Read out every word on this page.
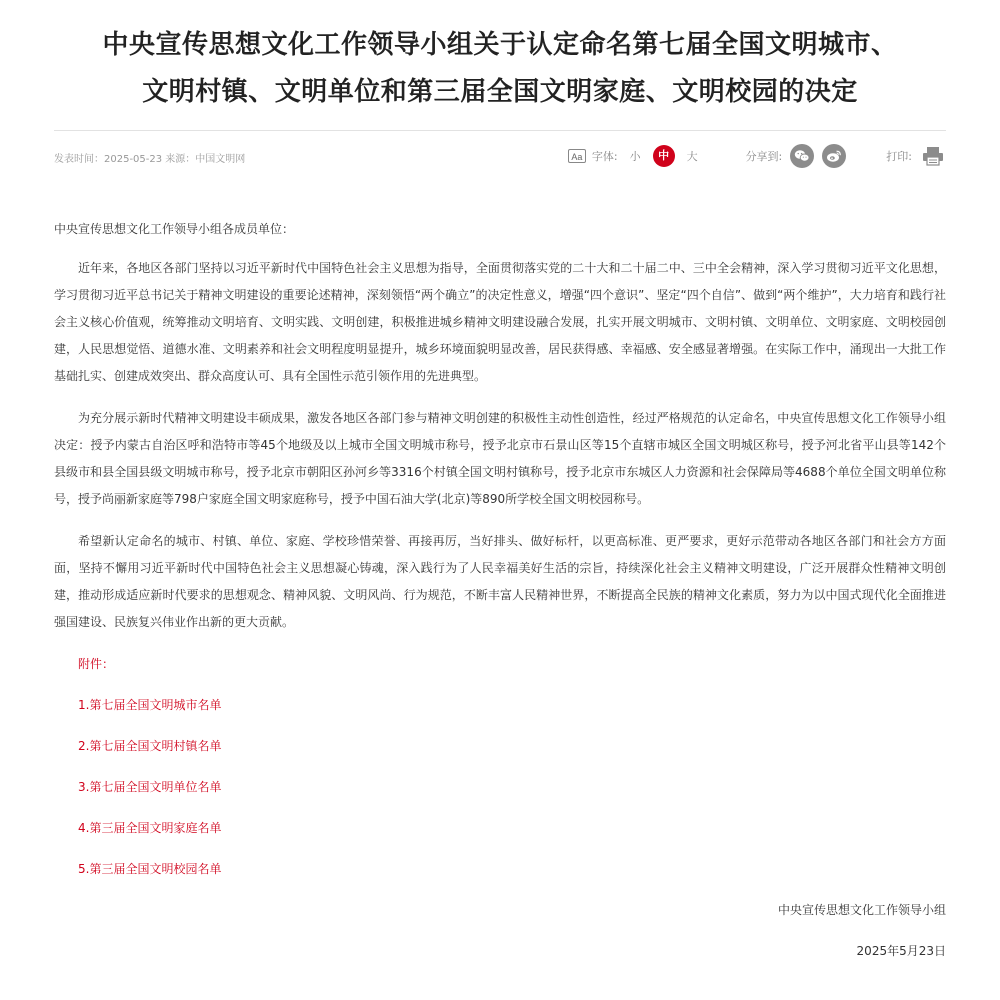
中央宣传思想文化工作领导小组关于认定命名第七届全国文明城市、
文明村镇、文明单位和第三届全国文明家庭、文明校园的决定
发表时间：2025-05-23 来源：中国文明网	Aa 字体: 小	中	大	分享到:	打印:

中央宣传思想文化工作领导小组各成员单位：

近年来，各地区各部门坚持以习近平新时代中国特色社会主义思想为指导，全面贯彻落实党的二十大和二十届二中、三中全会精神，深入学习贯彻习近平文化思想，学习贯彻习近平总书记关于精神文明建设的重要论述精神，深刻领悟“两个确立”的决定性意义，增强“四个意识”、坚定“四个自信”、做到“两个维护”，大力培育和践行社会主义核心价值观，统筹推动文明培育、文明实践、文明创建，积极推进城乡精神文明建设融合发展，扎实开展文明城市、文明村镇、文明单位、文明家庭、文明校园创建，人民思想觉悟、道德水准、文明素养和社会文明程度明显提升，城乡环境面貌明显改善，居民获得感、幸福感、安全感显著增强。在实际工作中，涌现出一大批工作基础扎实、创建成效突出、群众高度认可、具有全国性示范引领作用的先进典型。

为充分展示新时代精神文明建设丰硕成果，激发各地区各部门参与精神文明创建的积极性主动性创造性，经过严格规范的认定命名，中央宣传思想文化工作领导小组决定：授予内蒙古自治区呼和浩特市等45个地级及以上城市全国文明城市称号，授予北京市石景山区等15个直辖市城区全国文明城区称号，授予河北省平山县等142个县级市和县全国县级文明城市称号，授予北京市朝阳区孙河乡等3316个村镇全国文明村镇称号，授予北京市东城区人力资源和社会保障局等4688个单位全国文明单位称号，授予尚丽新家庭等798户家庭全国文明家庭称号，授予中国石油大学(北京)等890所学校全国文明校园称号。

希望新认定命名的城市、村镇、单位、家庭、学校珍惜荣誉、再接再厉，当好排头、做好标杆，以更高标准、更严要求，更好示范带动各地区各部门和社会方方面面，坚持不懈用习近平新时代中国特色社会主义思想凝心铸魂，深入践行为了人民幸福美好生活的宗旨，持续深化社会主义精神文明建设，广泛开展群众性精神文明创建，推动形成适应新时代要求的思想观念、精神风貌、文明风尚、行为规范，不断丰富人民精神世界，不断提高全民族的精神文化素质，努力为以中国式现代化全面推进强国建设、民族复兴伟业作出新的更大贡献。

附件：

1.第七届全国文明城市名单

2.第七届全国文明村镇名单

3.第七届全国文明单位名单

4.第三届全国文明家庭名单

5.第三届全国文明校园名单

中央宣传思想文化工作领导小组

2025年5月23日
